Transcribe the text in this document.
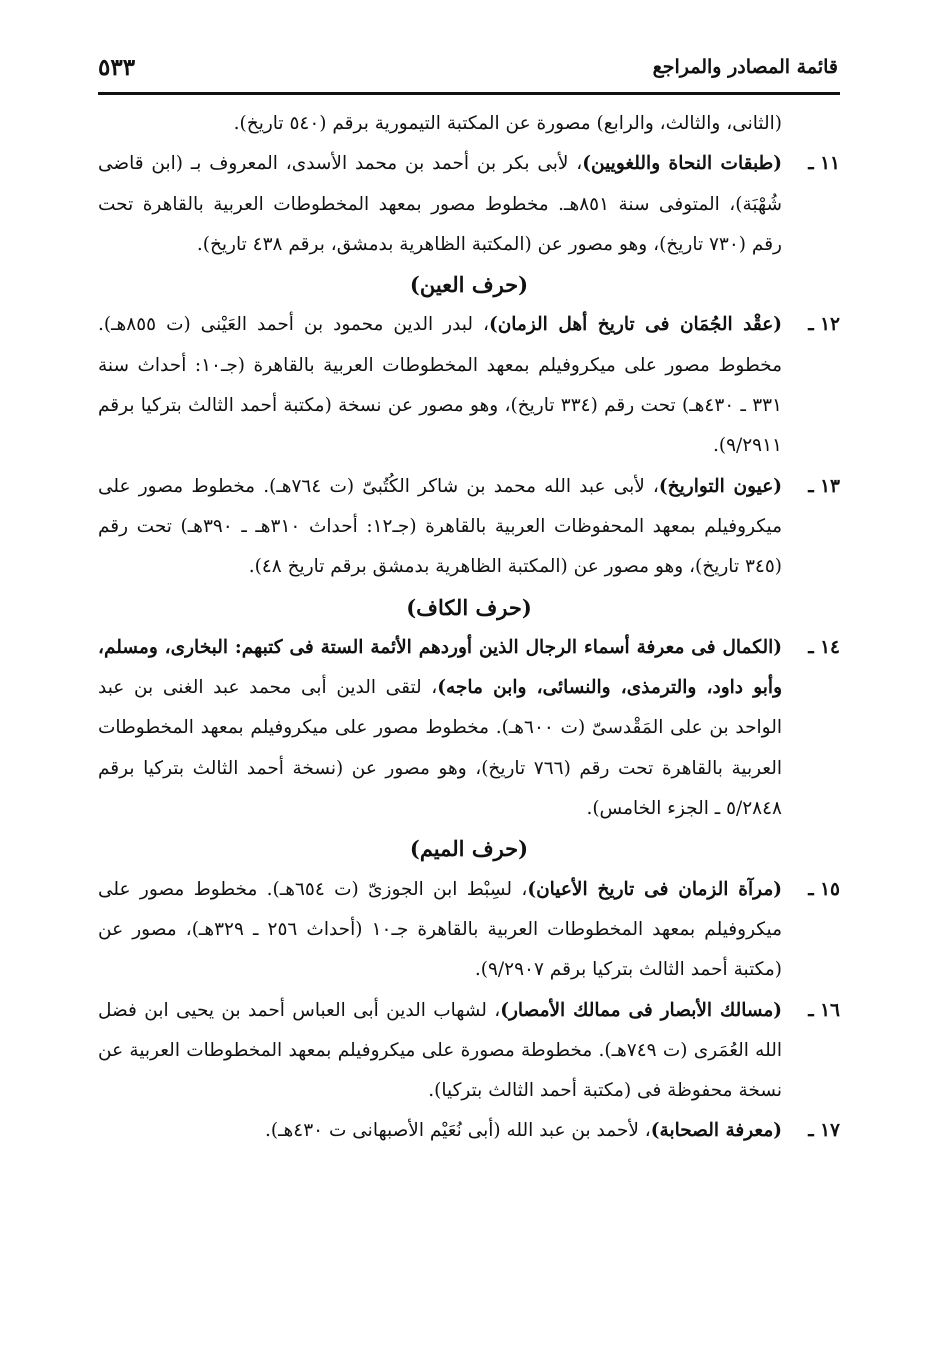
قائمة المصادر والمراجع
٥٣٣
(الثانى، والثالث، والرابع) مصورة عن المكتبة التيمورية برقم (٥٤٠ تاريخ).
١١ ـ
(طبقات النحاة واللغويين)، لأبى بكر بن أحمد بن محمد الأسدى، المعروف بـ (ابن قاضى شُهْبَة)، المتوفى سنة ٨٥١هـ. مخطوط مصور بمعهد المخطوطات العربية بالقاهرة تحت رقم (٧٣٠ تاريخ)، وهو مصور عن (المكتبة الظاهرية بدمشق، برقم ٤٣٨ تاريخ).
(حرف العين)
١٢ ـ
(عقْد الجُمَان فى تاريخ أهل الزمان)، لبدر الدين محمود بن أحمد العَيْنى (ت ٨٥٥هـ). مخطوط مصور على ميكروفيلم بمعهد المخطوطات العربية بالقاهرة (جـ١٠: أحداث سنة ٣٣١ ـ ٤٣٠هـ) تحت رقم (٣٣٤ تاريخ)، وهو مصور عن نسخة (مكتبة أحمد الثالث بتركيا برقم ٩/٢٩١١).
١٣ ـ
(عيون التواريخ)، لأبى عبد الله محمد بن شاكر الكُتُبىّ (ت ٧٦٤هـ). مخطوط مصور على ميكروفيلم بمعهد المحفوظات العربية بالقاهرة (جـ١٢: أحداث ٣١٠هـ ـ ٣٩٠هـ) تحت رقم (٣٤٥ تاريخ)، وهو مصور عن (المكتبة الظاهرية بدمشق برقم تاريخ ٤٨).
(حرف الكاف)
١٤ ـ
(الكمال فى معرفة أسماء الرجال الذين أوردهم الأئمة الستة فى كتبهم: البخارى، ومسلم، وأبو داود، والترمذى، والنسائى، وابن ماجه)، لتقى الدين أبى محمد عبد الغنى بن عبد الواحد بن على المَقْدسىّ (ت ٦٠٠هـ). مخطوط مصور على ميكروفيلم بمعهد المخطوطات العربية بالقاهرة تحت رقم (٧٦٦ تاريخ)، وهو مصور عن (نسخة أحمد الثالث بتركيا برقم ٥/٢٨٤٨ ـ الجزء الخامس).
(حرف الميم)
١٥ ـ
(مرآة الزمان فى تاريخ الأعيان)، لسِبْط ابن الجوزىّ (ت ٦٥٤هـ). مخطوط مصور على ميكروفيلم بمعهد المخطوطات العربية بالقاهرة جـ١٠ (أحداث ٢٥٦ ـ ٣٢٩هـ)، مصور عن (مكتبة أحمد الثالث بتركيا برقم ٩/٢٩٠٧).
١٦ ـ
(مسالك الأبصار فى ممالك الأمصار)، لشهاب الدين أبى العباس أحمد بن يحيى ابن فضل الله العُمَرى (ت ٧٤٩هـ). مخطوطة مصورة على ميكروفيلم بمعهد المخطوطات العربية عن نسخة محفوظة فى (مكتبة أحمد الثالث بتركيا).
١٧ ـ
(معرفة الصحابة)، لأحمد بن عبد الله (أبى نُعَيْم الأصبهانى ت ٤٣٠هـ).
